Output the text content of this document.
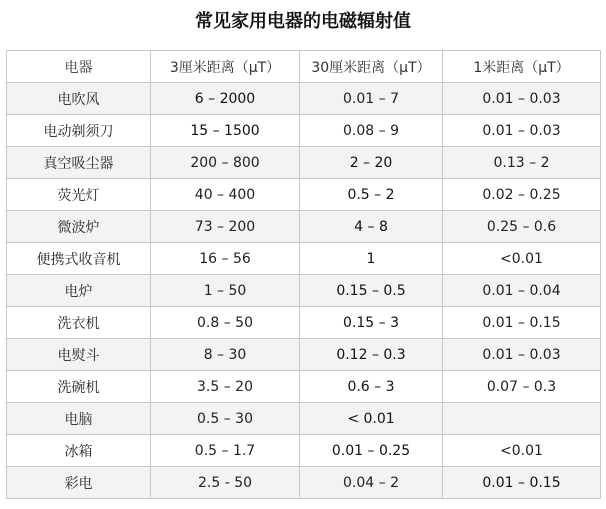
常见家用电器的电磁辐射值
电器	3厘米距离（μT）	30厘米距离（μT）	1米距离（μT）
电吹风	6 – 2000	0.01 – 7	0.01 – 0.03
电动剃须刀	15 – 1500	0.08 – 9	0.01 – 0.03
真空吸尘器	200 – 800	2 – 20	0.13 – 2
荧光灯	40 – 400	0.5 – 2	0.02 – 0.25
微波炉	73 – 200	4 – 8	0.25 – 0.6
便携式收音机	16 – 56	1	<0.01
电炉	1 – 50	0.15 – 0.5	0.01 – 0.04
洗衣机	0.8 – 50	0.15 – 3	0.01 – 0.15
电熨斗	8 – 30	0.12 – 0.3	0.01 – 0.03
洗碗机	3.5 – 20	0.6 – 3	0.07 – 0.3
电脑	0.5 – 30	< 0.01	
冰箱	0.5 – 1.7	0.01 – 0.25	<0.01
彩电	2.5 - 50	0.04 – 2	0.01 – 0.15
